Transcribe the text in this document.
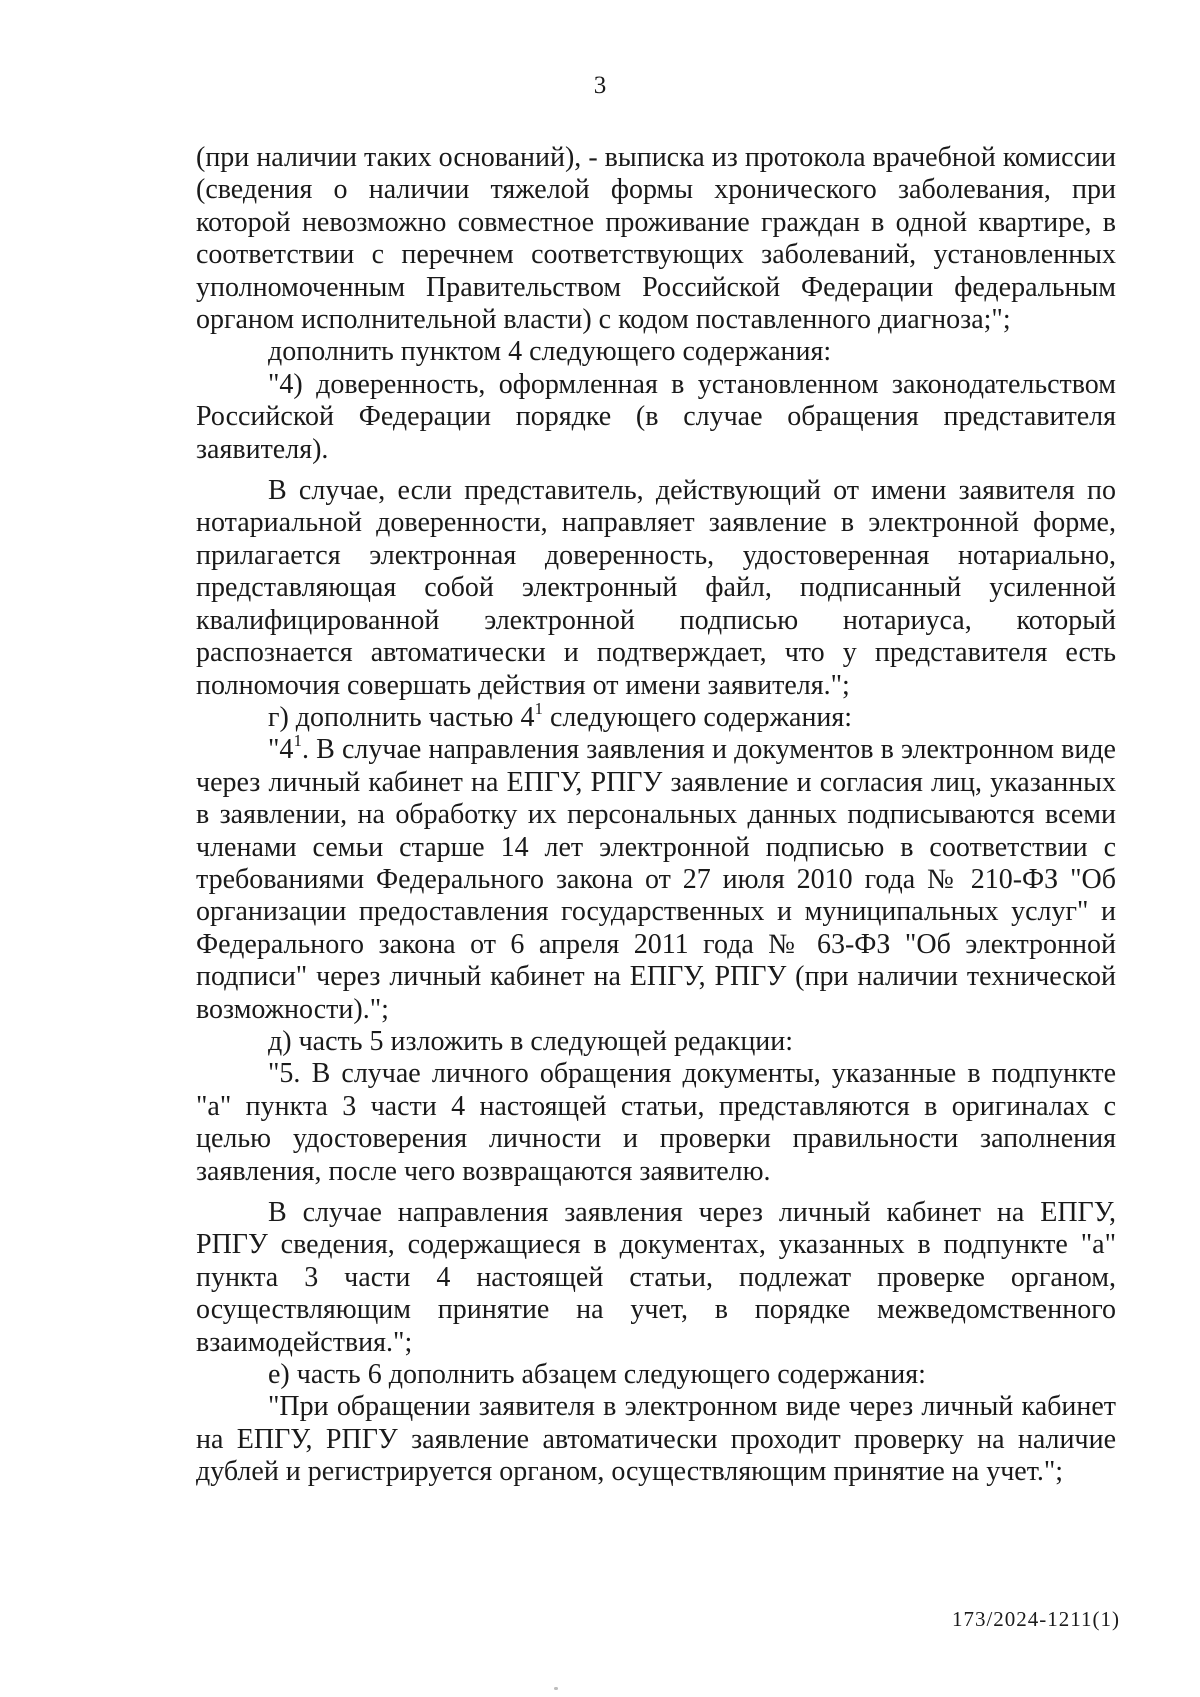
3

(при наличии таких оснований), - выписка из протокола врачебной комиссии (сведения о наличии тяжелой формы хронического заболевания, при которой невозможно совместное проживание граждан в одной квартире, в соответствии с перечнем соответствующих заболеваний, установленных уполномоченным Правительством Российской Федерации федеральным органом исполнительной власти) с кодом поставленного диагноза;";

дополнить пунктом 4 следующего содержания:

"4) доверенность, оформленная в установленном законодательством Российской Федерации порядке (в случае обращения представителя заявителя).

В случае, если представитель, действующий от имени заявителя по нотариальной доверенности, направляет заявление в электронной форме, прилагается электронная доверенность, удостоверенная нотариально, представляющая собой электронный файл, подписанный усиленной квалифицированной электронной подписью нотариуса, который распознается автоматически и подтверждает, что у представителя есть полномочия совершать действия от имени заявителя.";

г) дополнить частью $4^1$ следующего содержания:

"$4^1$. В случае направления заявления и документов в электронном виде через личный кабинет на ЕПГУ, РПГУ заявление и согласия лиц, указанных в заявлении, на обработку их персональных данных подписываются всеми членами семьи старше 14 лет электронной подписью в соответствии с требованиями Федерального закона от 27 июля 2010 года № 210-ФЗ "Об организации предоставления государственных и муниципальных услуг" и Федерального закона от 6 апреля 2011 года № 63-ФЗ "Об электронной подписи" через личный кабинет на ЕПГУ, РПГУ (при наличии технической возможности).";

д) часть 5 изложить в следующей редакции:

"5. В случае личного обращения документы, указанные в подпункте "а" пункта 3 части 4 настоящей статьи, представляются в оригиналах с целью удостоверения личности и проверки правильности заполнения заявления, после чего возвращаются заявителю.

В случае направления заявления через личный кабинет на ЕПГУ, РПГУ сведения, содержащиеся в документах, указанных в подпункте "а" пункта 3 части 4 настоящей статьи, подлежат проверке органом, осуществляющим принятие на учет, в порядке межведомственного взаимодействия.";

е) часть 6 дополнить абзацем следующего содержания:

"При обращении заявителя в электронном виде через личный кабинет на ЕПГУ, РПГУ заявление автоматически проходит проверку на наличие дублей и регистрируется органом, осуществляющим принятие на учет.";

173/2024-1211(1)
